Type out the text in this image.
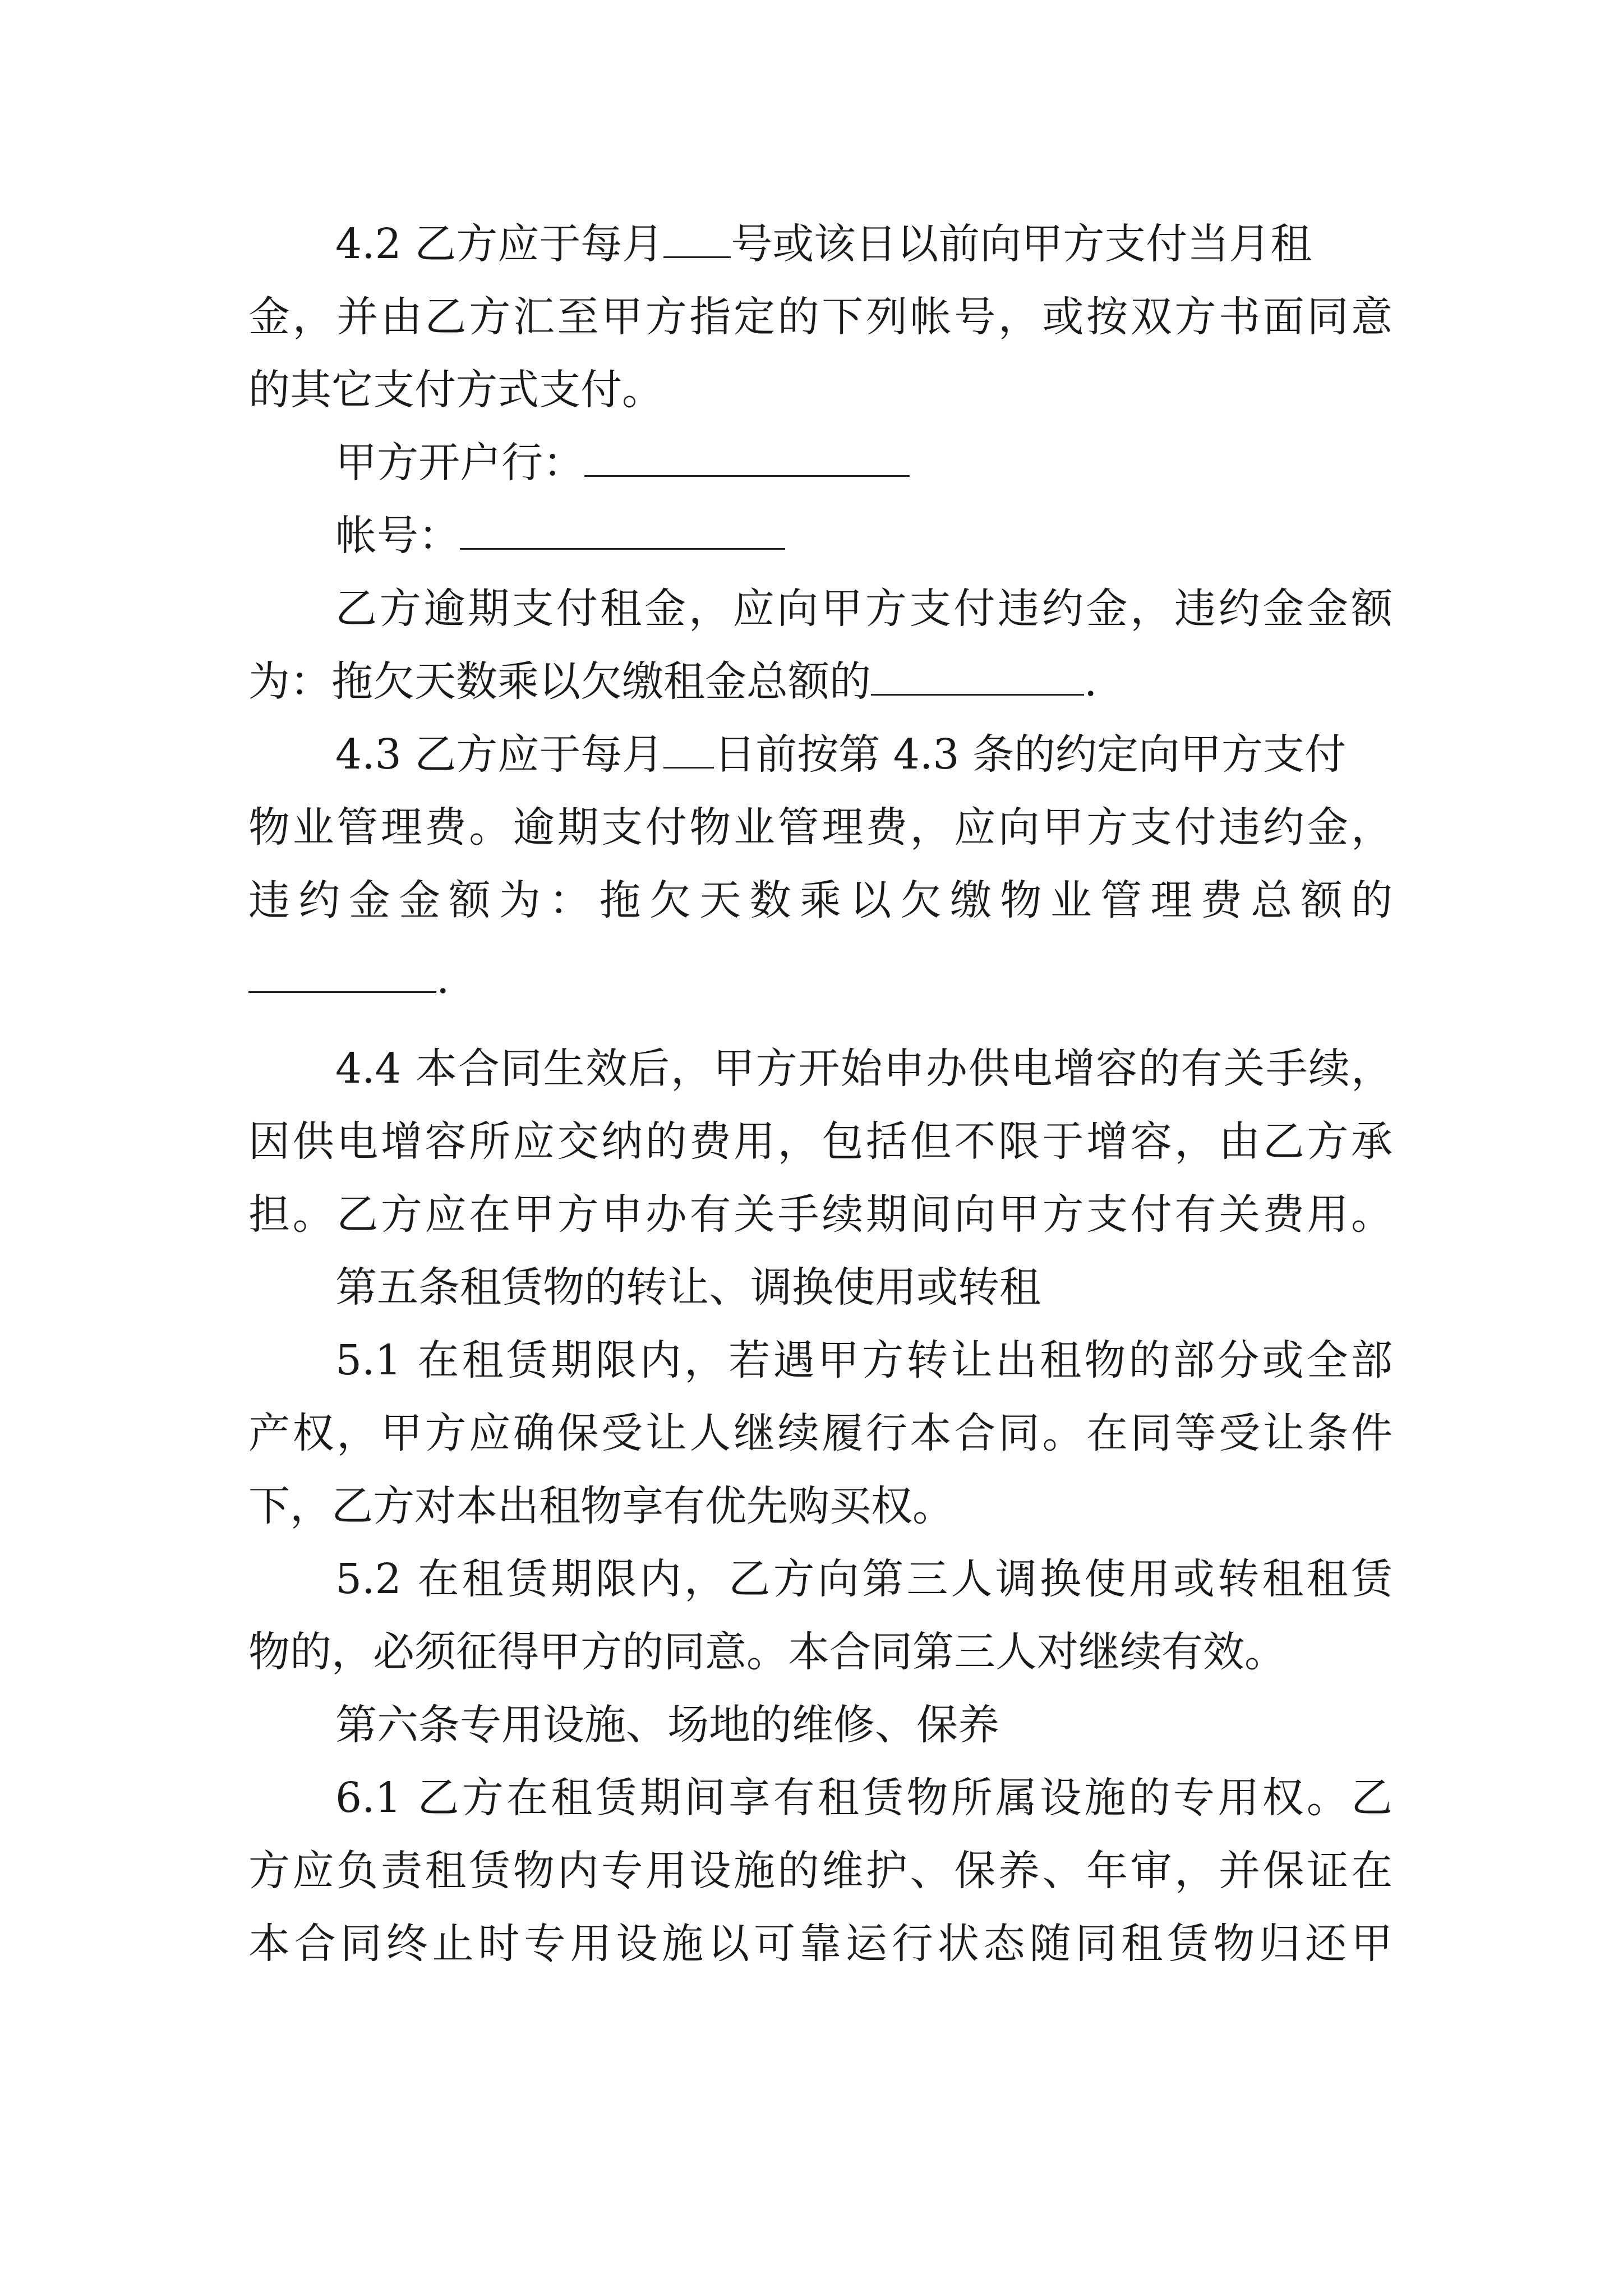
4.2 乙方应于每月 号或该日以前向甲方支付当月租
金，并由乙方汇至甲方指定的下列帐号，或按双方书面同意
的其它支付方式支付。
甲方开户行：
帐号：
乙方逾期支付租金，应向甲方支付违约金，违约金金额
为：拖欠天数乘以欠缴租金总额的	.
4.3 乙方应于每月 日前按第 4.3 条的约定向甲方支付
物业管理费。逾期支付物业管理费，应向甲方支付违约金，
违约金金额为：拖欠天数乘以欠缴物业管理费总额的
.
4.4 本合同生效后，甲方开始申办供电增容的有关手续，
因供电增容所应交纳的费用，包括但不限于增容，由乙方承
担。乙方应在甲方申办有关手续期间向甲方支付有关费用。
第五条租赁物的转让、调换使用或转租
5.1 在租赁期限内，若遇甲方转让出租物的部分或全部
产权，甲方应确保受让人继续履行本合同。在同等受让条件
下，乙方对本出租物享有优先购买权。
5.2 在租赁期限内，乙方向第三人调换使用或转租租赁
物的，必须征得甲方的同意。本合同第三人对继续有效。
第六条专用设施、场地的维修、保养
6.1 乙方在租赁期间享有租赁物所属设施的专用权。乙
方应负责租赁物内专用设施的维护、保养、年审，并保证在
本合同终止时专用设施以可靠运行状态随同租赁物归还甲
